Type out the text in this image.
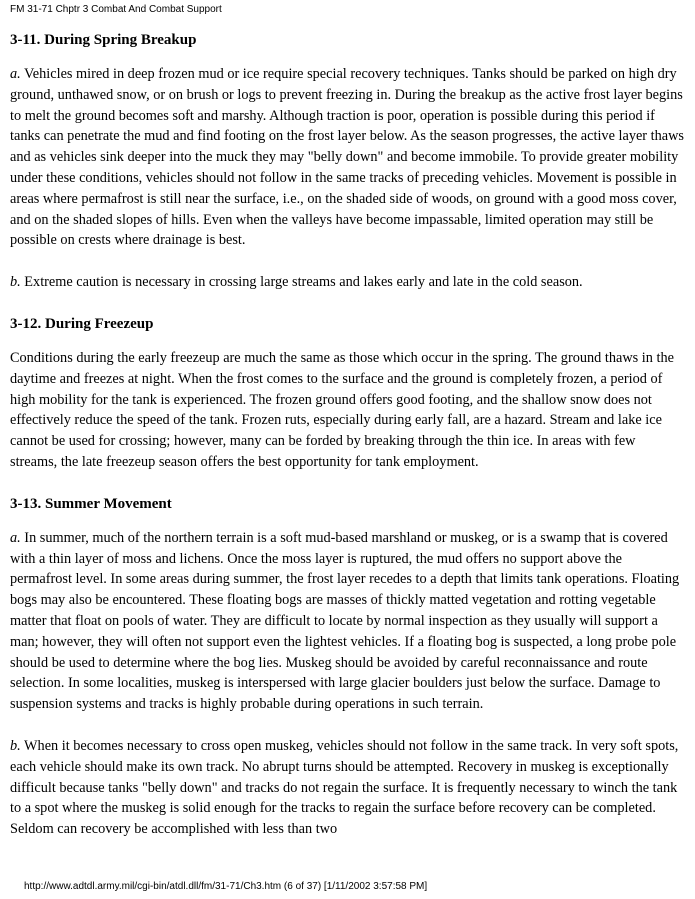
FM 31-71 Chptr 3 Combat And Combat Support
3-11. During Spring Breakup

a. Vehicles mired in deep frozen mud or ice require special recovery techniques. Tanks should be parked on high dry ground, unthawed snow, or on brush or logs to prevent freezing in. During the breakup as the active frost layer begins to melt the ground becomes soft and marshy. Although traction is poor, operation is possible during this period if tanks can penetrate the mud and find footing on the frost layer below. As the season progresses, the active layer thaws and as vehicles sink deeper into the muck they may "belly down" and become immobile. To provide greater mobility under these conditions, vehicles should not follow in the same tracks of preceding vehicles. Movement is possible in areas where permafrost is still near the surface, i.e., on the shaded side of woods, on ground with a good moss cover, and on the shaded slopes of hills. Even when the valleys have become impassable, limited operation may still be possible on crests where drainage is best.

b. Extreme caution is necessary in crossing large streams and lakes early and late in the cold season.

3-12. During Freezeup

Conditions during the early freezeup are much the same as those which occur in the spring. The ground thaws in the daytime and freezes at night. When the frost comes to the surface and the ground is completely frozen, a period of high mobility for the tank is experienced. The frozen ground offers good footing, and the shallow snow does not effectively reduce the speed of the tank. Frozen ruts, especially during early fall, are a hazard. Stream and lake ice cannot be used for crossing; however, many can be forded by breaking through the thin ice. In areas with few streams, the late freezeup season offers the best opportunity for tank employment.

3-13. Summer Movement

a. In summer, much of the northern terrain is a soft mud-based marshland or muskeg, or is a swamp that is covered with a thin layer of moss and lichens. Once the moss layer is ruptured, the mud offers no support above the permafrost level. In some areas during summer, the frost layer recedes to a depth that limits tank operations. Floating bogs may also be encountered. These floating bogs are masses of thickly matted vegetation and rotting vegetable matter that float on pools of water. They are difficult to locate by normal inspection as they usually will support a man; however, they will often not support even the lightest vehicles. If a floating bog is suspected, a long probe pole should be used to determine where the bog lies. Muskeg should be avoided by careful reconnaissance and route selection. In some localities, muskeg is interspersed with large glacier boulders just below the surface. Damage to suspension systems and tracks is highly probable during operations in such terrain.

b. When it becomes necessary to cross open muskeg, vehicles should not follow in the same track. In very soft spots, each vehicle should make its own track. No abrupt turns should be attempted. Recovery in muskeg is exceptionally difficult because tanks "belly down" and tracks do not regain the surface. It is frequently necessary to winch the tank to a spot where the muskeg is solid enough for the tracks to regain the surface before recovery can be completed. Seldom can recovery be accomplished with less than two

http://www.adtdl.army.mil/cgi-bin/atdl.dll/fm/31-71/Ch3.htm (6 of 37) [1/11/2002 3:57:58 PM]
